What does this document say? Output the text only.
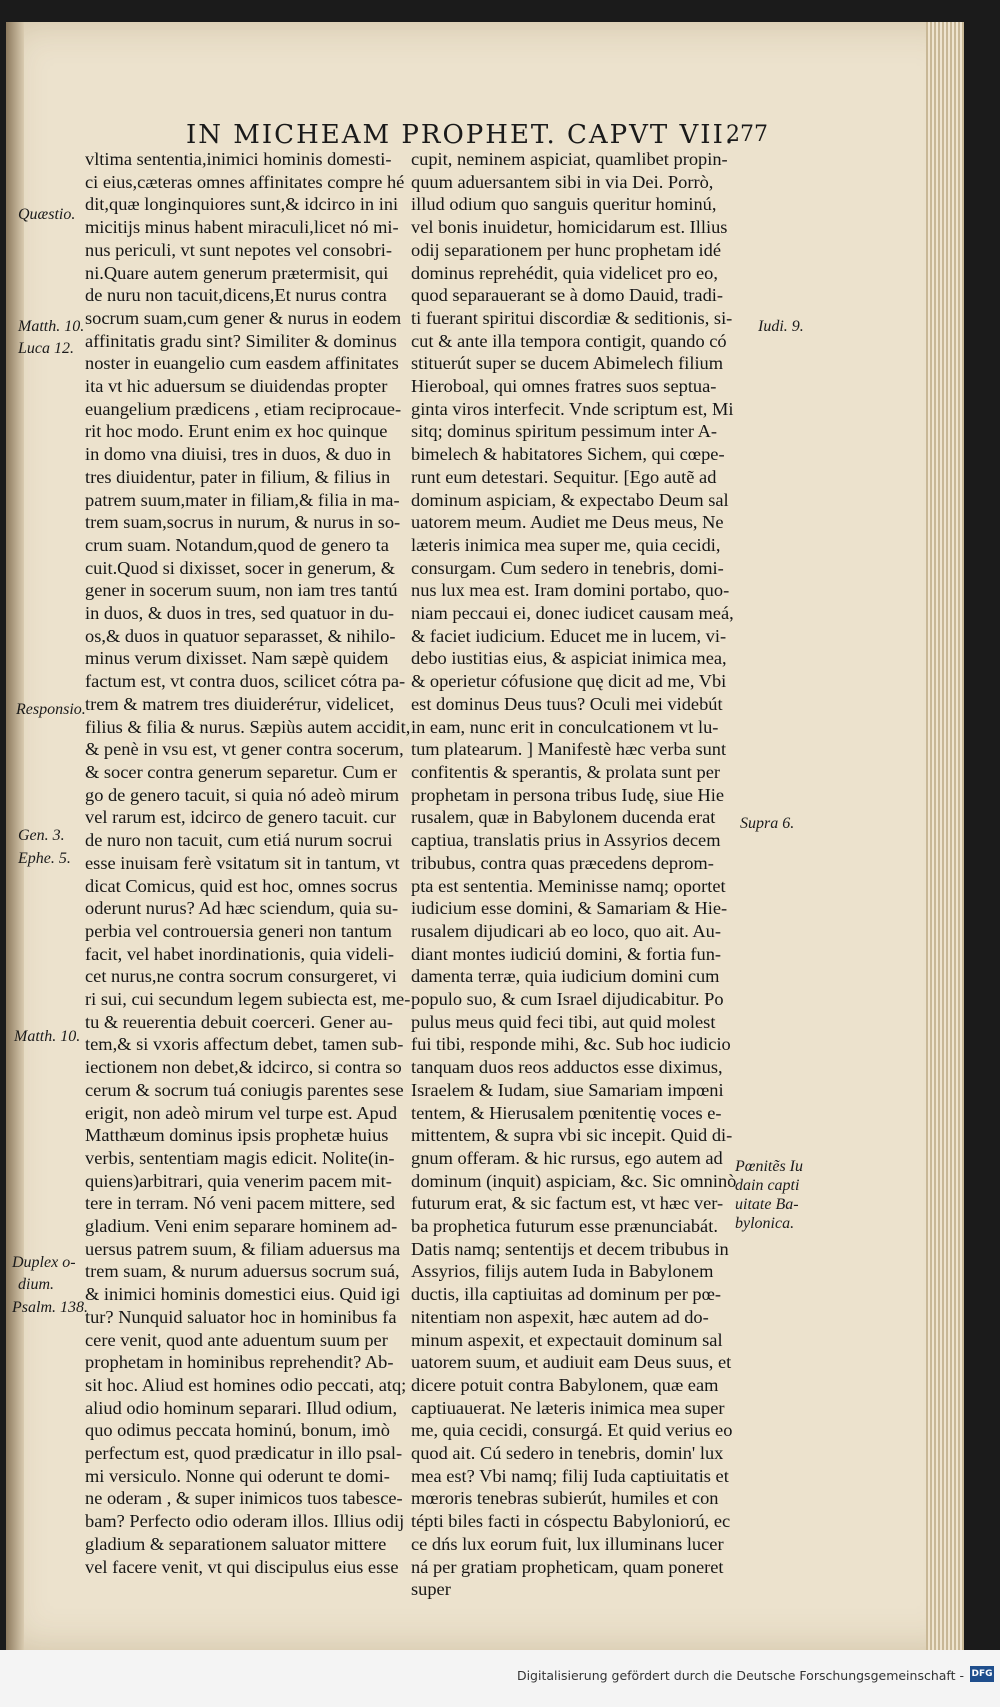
IN MICHEAM PROPHET. CAPVT VII.
277
vltima sententia,inimici hominis domesti-
ci eius,cæteras omnes affinitates compre hé
dit,quæ longinquiores sunt,& idcirco in ini
micitijs minus habent miraculi,licet nó mi-
nus periculi, vt sunt nepotes vel consobri-
ni.Quare autem generum prætermisit, qui
de nuru non tacuit,dicens,Et nurus contra
socrum suam,cum gener & nurus in eodem
affinitatis gradu sint? Similiter & dominus
noster in euangelio cum easdem affinitates
ita vt hic aduersum se diuidendas propter
euangelium prædicens , etiam reciprocaue-
rit hoc modo. Erunt enim ex hoc quinque
in domo vna diuisi, tres in duos, & duo in
tres diuidentur, pater in filium, & filius in
patrem suum,mater in filiam,& filia in ma-
trem suam,socrus in nurum, & nurus in so-
crum suam. Notandum,quod de genero ta
cuit.Quod si dixisset, socer in generum, &
gener in socerum suum, non iam tres tantú
in duos, & duos in tres, sed quatuor in du-
os,& duos in quatuor separasset, & nihilo-
minus verum dixisset. Nam sæpè quidem
factum est, vt contra duos, scilicet cótra pa-
trem & matrem tres diuideréтur, videlicet,
filius & filia & nurus. Sæpiùs autem accidit,
& penè in vsu est, vt gener contra socerum,
& socer contra generum separetur. Cum er
go de genero tacuit, si quia nó adeò mirum
vel rarum est, idcirco de genero tacuit. cur
de nuro non tacuit, cum etiá nurum socrui
esse inuisam ferè vsitatum sit in tantum, vt
dicat Comicus, quid est hoc, omnes socrus
oderunt nurus? Ad hæc sciendum, quia su-
perbia vel controuersia generi non tantum
facit, vel habet inordinationis, quia videli-
cet nurus,ne contra socrum consurgeret, vi
ri sui, cui secundum legem subiecta est, me-
tu & reuerentia debuit coerceri. Gener au-
tem,& si vxoris affectum debet, tamen sub-
iectionem non debet,& idcirco, si contra so
cerum & socrum tuá coniugis parentes sese
erigit, non adeò mirum vel turpe est. Apud
Matthæum dominus ipsis prophetæ huius
verbis, sententiam magis edicit. Nolite(in-
quiens)arbitrari, quia venerim pacem mit-
tere in terram. Nó veni pacem mittere, sed
gladium. Veni enim separare hominem ad-
uersus patrem suum, & filiam aduersus ma
trem suam, & nurum aduersus socrum suá,
& inimici hominis domestici eius. Quid igi
tur? Nunquid saluator hoc in hominibus fa
cere venit, quod ante aduentum suum per
prophetam in hominibus reprehendit? Ab-
sit hoc. Aliud est homines odio peccati, atq;
aliud odio hominum separari. Illud odium,
quo odimus peccata hominú, bonum, imò
perfectum est, quod prædicatur in illo psal-
mi versiculo. Nonne qui oderunt te domi-
ne oderam , & super inimicos tuos tabesce-
bam? Perfecto odio oderam illos. Illius odij
gladium & separationem saluator mittere
vel facere venit, vt qui discipulus eius esse
cupit, neminem aspiciat, quamlibet propin-
quum aduersantem sibi in via Dei. Porrò,
illud odium quo sanguis queritur hominú,
vel bonis inuidetur, homicidarum est. Illius
odij separationem per hunc prophetam idé
dominus reprehédit, quia videlicet pro eo,
quod separauerant se à domo Dauid, tradi-
ti fuerant spiritui discordiæ & seditionis, si-
cut & ante illa tempora contigit, quando có
stituerút super se ducem Abimelech filium
Hieroboal, qui omnes fratres suos septua-
ginta viros interfecit. Vnde scriptum est, Mi
sitq; dominus spiritum pessimum inter A-
bimelech & habitatores Sichem, qui cœpe-
runt eum detestari. Sequitur. [Ego autẽ ad
dominum aspiciam, & expectabo Deum sal
uatorem meum. Audiet me Deus meus, Ne
læteris inimica mea super me, quia cecidi,
consurgam. Cum sedero in tenebris, domi-
nus lux mea est. Iram domini portabo, quo-
niam peccaui ei, donec iudicet causam meá,
& faciet iudicium. Educet me in lucem, vi-
debo iustitias eius, & aspiciat inimica mea,
& operietur cófusione quę dicit ad me, Vbi
est dominus Deus tuus? Oculi mei videbút
in eam, nunc erit in conculcationem vt lu-
tum platearum. ] Manifestè hæc verba sunt
confitentis & sperantis, & prolata sunt per
prophetam in persona tribus Iudę, siue Hie
rusalem, quæ in Babylonem ducenda erat
captiua, translatis prius in Assyrios decem
tribubus, contra quas præcedens deprom-
pta est sententia. Meminisse namq; oportet
iudicium esse domini, & Samariam & Hie-
rusalem dijudicari ab eo loco, quo ait. Au-
diant montes iudiciú domini, & fortia fun-
damenta terræ, quia iudicium domini cum
populo suo, & cum Israel dijudicabitur. Po
pulus meus quid feci tibi, aut quid molest
fui tibi, responde mihi, &c. Sub hoc iudicio
tanquam duos reos adductos esse diximus,
Israelem & Iudam, siue Samariam impœni
tentem, & Hierusalem pœnitentię voces e-
mittentem, & supra vbi sic incepit. Quid di-
gnum offeram. & hic rursus, ego autem ad
dominum (inquit) aspiciam, &c. Sic omninò
futurum erat, & sic factum est, vt hæc ver-
ba prophetica futurum esse prænunciabát.
Datis namq; sententijs et decem tribubus in
Assyrios, filijs autem Iuda in Babylonem
ductis, illa captiuitas ad dominum per pœ-
nitentiam non aspexit, hæc autem ad do-
minum aspexit, et expectauit dominum sal
uatorem suum, et audiuit eam Deus suus, et
dicere potuit contra Babylonem, quæ eam
captiuauerat. Ne læteris inimica mea super
me, quia cecidi, consurgá. Et quid verius eo
quod ait. Cú sedero in tenebris, domin' lux
mea est? Vbi namq; filij Iuda captiuitatis et
mœroris tenebras subierút, humiles et con
tépti biles facti in cóspectu Babyloniorú, ec
ce dńs lux eorum fuit, lux illuminans lucer
ná per gratiam propheticam, quam poneret
super
Quæstio.
Matth. 10.
Luca 12.
Responsio.
Gen. 3.
Ephe. 5.
Matth. 10.
Duplex o-
dium.
Psalm. 138.
Iudi. 9.
Supra 6.
Pœnitẽs Iu
dain capti
uitate Ba-
bylonica.
Digitalisierung gefördert durch die Deutsche Forschungsgemeinschaft - DFG
